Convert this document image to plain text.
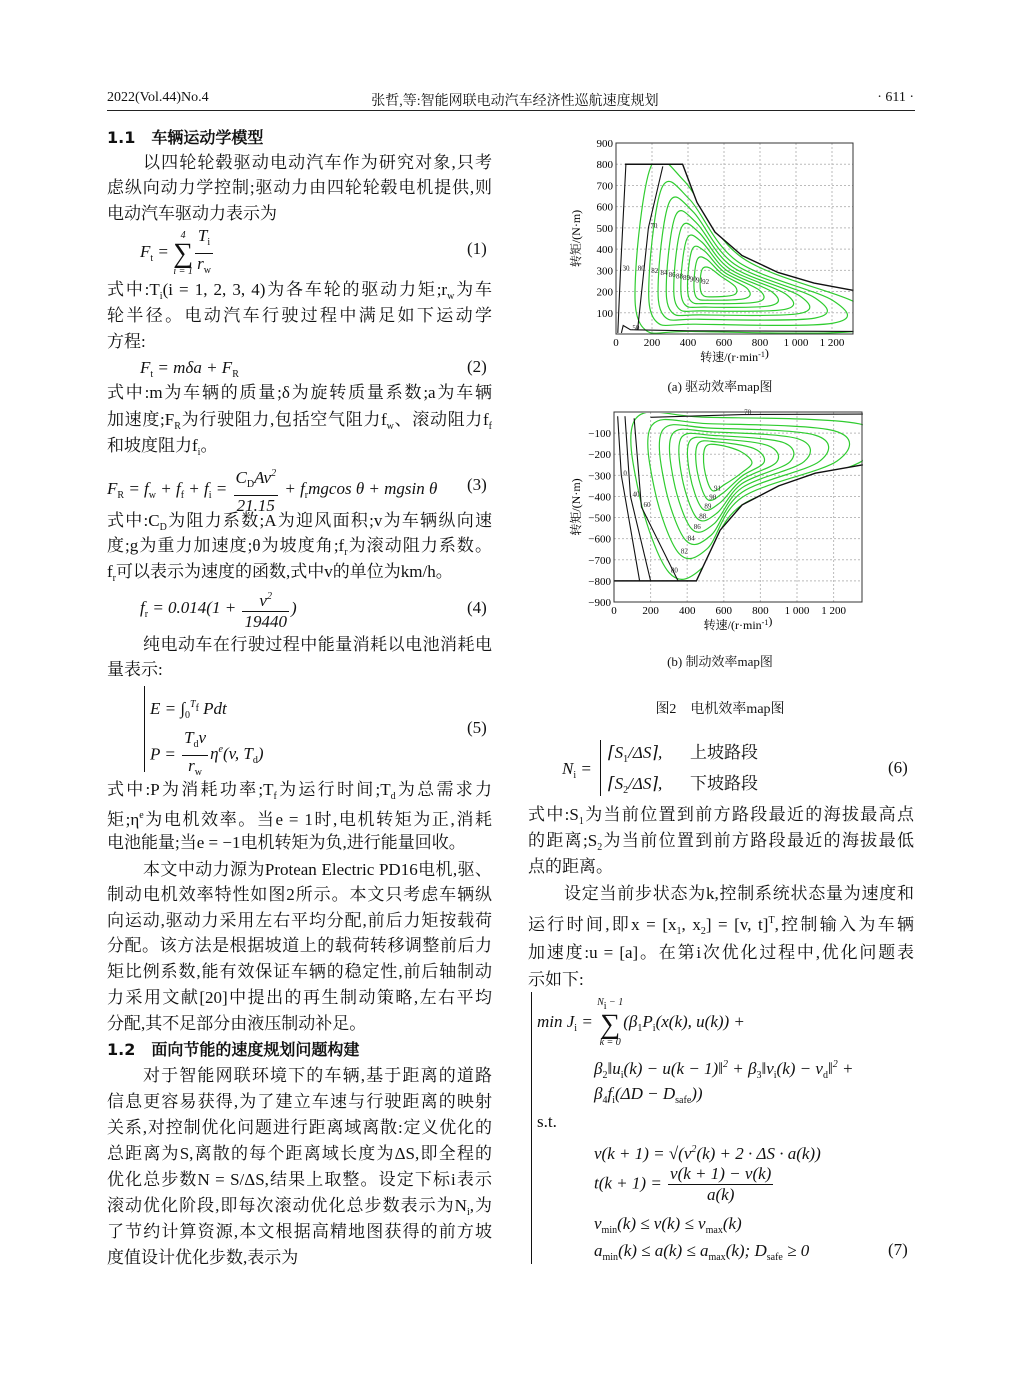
2022(Vol.44)No.4	张哲,等:智能网联电动汽车经济性巡航速度规划	· 611 ·
1.1　车辆运动学模型
以四轮轮毂驱动电动汽车作为研究对象,只考
虑纵向动力学控制;驱动力由四轮轮毂电机提供,则
电动汽车驱动力表示为
$F_t$ =
4
∑
$i = 1 \frac{T_i}{r_w}$	(1)
式中$:T_i(i = 1$, 2, 3, 4)为各车轮的驱动力矩$;r_w$为车
轮半径。电动汽车行驶过程中满足如下运动学
方程:
$F_t = m\delta a + F_R$	(2)
式中:m为车辆的质量;δ为旋转质量系数;a为车辆
加速度$;F_R$为行驶阻力,包括空气阻力$f_w$、滚动阻力$f_f$
和坡度阻力$f_i$。
$F_R = f_w + f_f + f_i = \frac{C_DAv^2}{21.15} + f_rmgcos$ θ + mgsin θ (3)
式中$:C_D$为阻力系数;A为迎风面积;v为车辆纵向速
度;g为重力加速度;θ为坡度角$;f_r$为滚动阻力系数。
$f_r$可以表示为速度的函数,式中v的单位为km/h。
$f_r = 0.014(1 + \frac{v^2}{19440}$ )	(4)
纯电动车在行驶过程中能量消耗以电池消耗电
量表示:
$E = \int_0^{T_f}$ Pdt
$P = \frac{T_dv}{r_w} \eta^e(v$, $T_d$)
(5)
式中:P为消耗功率$;T_f$为运行时间$;T_d$为总需求力
矩$;\eta^e$为电机效率。当e = 1时,电机转矩为正,消耗
电池能量;当e = −1电机转矩为负,进行能量回收。
本文中动力源为Protean Electric PD16电机,驱、
制动电机效率特性如图2所示。本文只考虑车辆纵
向运动,驱动力采用左右平均分配,前后力矩按载荷
分配。该方法是根据坡道上的载荷转移调整前后力
矩比例系数,能有效保证车辆的稳定性,前后轴制动
力采用文献[20]中提出的再生制动策略,左右平均
分配,其不足部分由液压制动补足。
1.2　面向节能的速度规划问题构建
对于智能网联环境下的车辆,基于距离的道路
信息更容易获得,为了建立车速与行驶距离的映射
关系,对控制优化问题进行距离域离散:定义优化的
总距离为S,离散的每个距离域长度为ΔS,即全程的
优化总步数N = S/ΔS,结果上取整。设定下标i表示
滚动优化阶段,即每次滚动优化总步数表示为$N_i$,为
了节约计算资源,本文根据高精地图获得的前方坡
度值设计优化步数,表示为
0 200 400 600 800 1 000 1 200
100
200
300
400
500
600
700
800
900
转速$/(r\cdot\min^{-1})$
转矩/(N·m)
80 82 84 86 88 89 90 91 92
30
50
70
(a) 驱动效率map图
0 200 400 600 800 1 000 1 200
−100
−200
−300
−400
−500
−600
−700
−800
−900
转速$/(r\cdot\min^{-1})$
转矩/(N·m)
80
82
84
86
88
89
90
91
0
40
60
70
(b) 制动效率map图
图2　电机效率map图
$N_i$ =
$⌈S_1/\Delta S⌉$, 上坡路段
$⌈S_2/\Delta S⌉$, 下坡路段
(6)
式中$:S_1$为当前位置到前方路段最近的海拔最高点
的距离$;S_2$为当前位置到前方路段最近的海拔最低
点的距离。
设定当前步状态为k,控制系统状态量为速度和
运行时间,即$x = [x_1$, $x_2] = [v$, t]$^T$,控制输入为车辆
加速度:u = [a]。在第i次优化过程中,优化问题表
示如下:
$\min J_i$ =
$N_i - 1$
∑
k = 0
($\beta_1P_i(x(k)$, u(k)) +
$\beta_2‖u_i(k) - u(k$ − 1)‖$^2$ + $\beta_3‖v_i(k)$ − $v_d‖^2$ +
$\beta_4f_i(\Delta D - D_{safe})$)
s.t.
$v(k + 1) = √(v^2(k) + 2 \cdot \Delta S \cdot a(k))$
$t(k + 1) = \frac{v(k + 1) - v(k)}{a(k)}$
$v_{min}(k) \le v(k) \le v_{max}(k)$
$a_{min}(k) \le a(k) \le a_{max}(k)$; $D_{safe} \ge 0$	(7)
